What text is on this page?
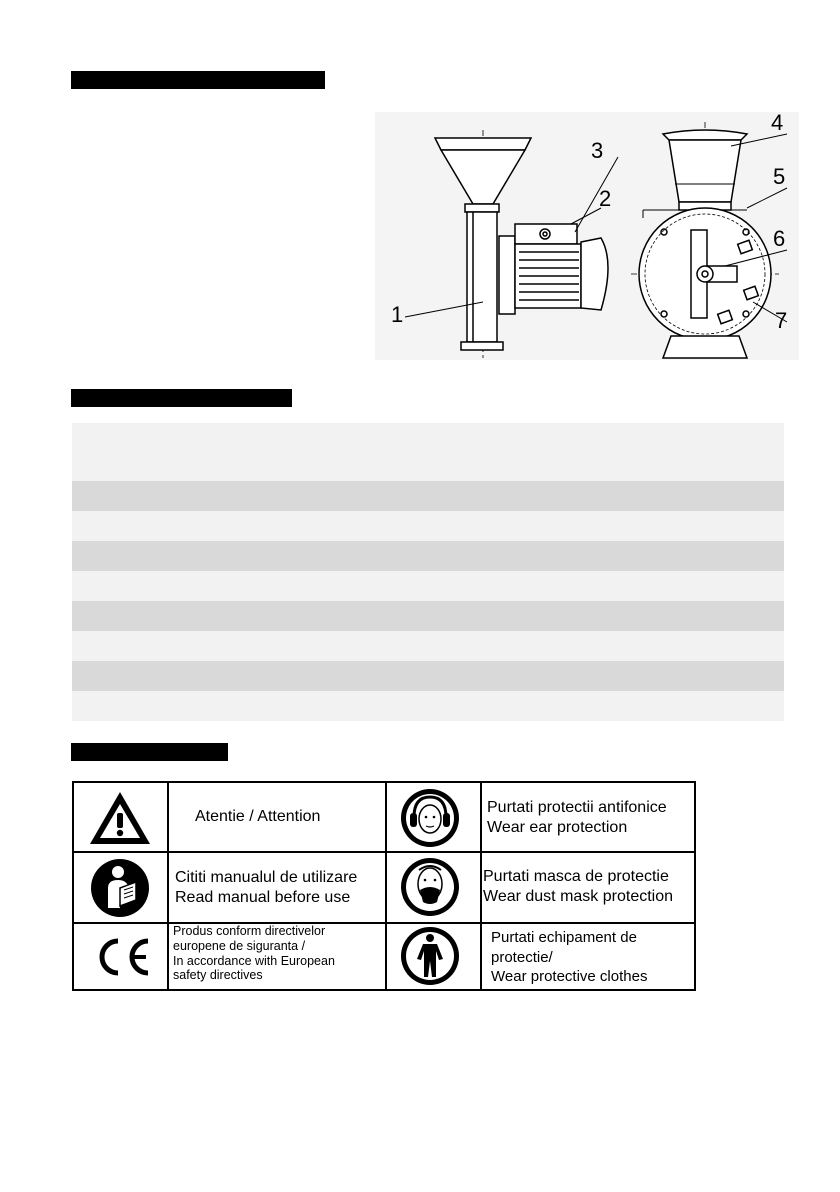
1
2
3
4
5
6
7
Atentie / Attention
Purtati protectii antifonice
Wear ear protection
Cititi manualul de utilizare
Read manual before use
Purtati masca de protectie
Wear dust mask protection
Produs conform directivelor
europene de siguranta /
In accordance with European
safety directives
Purtati echipament de
protectie/
Wear protective clothes
